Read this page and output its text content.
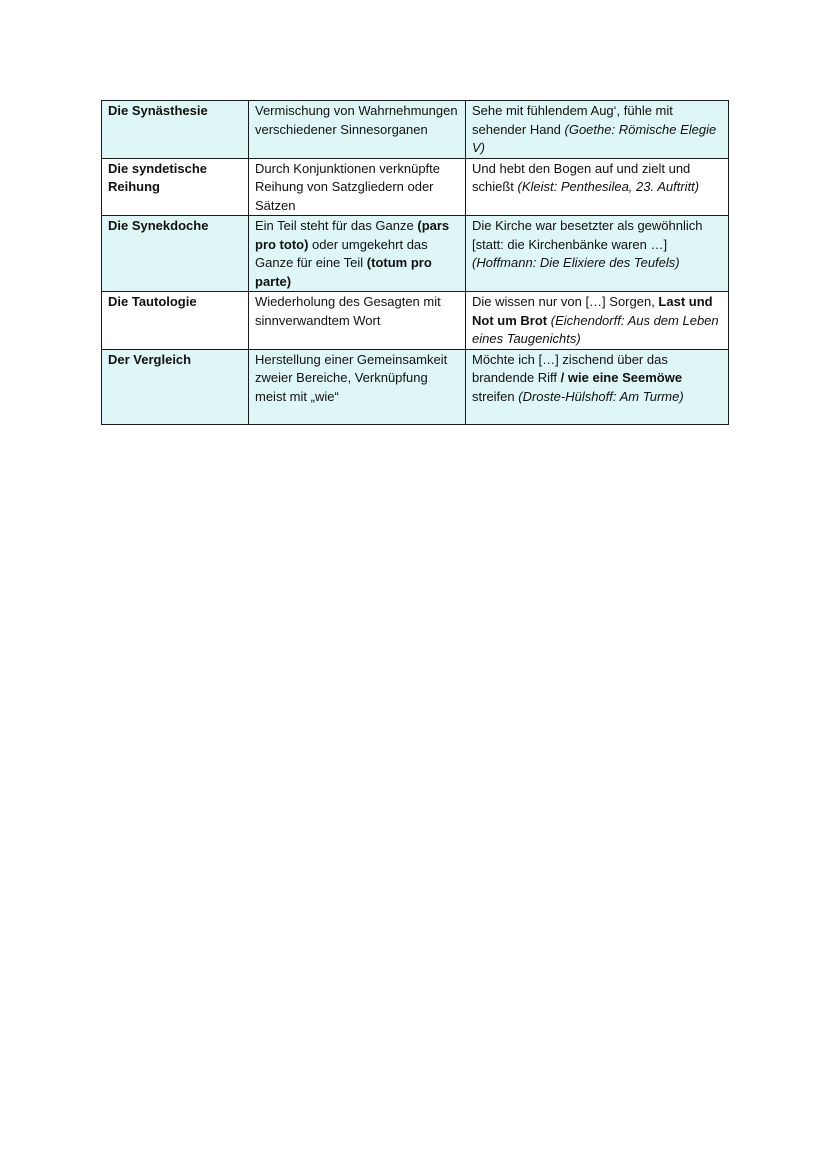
Die Synästhesie	Vermischung von Wahrnehmungen verschiedener Sinnesorganen	Sehe mit fühlendem Aug‘, fühle mit sehender Hand (Goethe: Römische Elegie V)
Die syndetische Reihung	Durch Konjunktionen verknüpfte Reihung von Satzgliedern oder Sätzen	Und hebt den Bogen auf und zielt und schießt (Kleist: Penthesilea, 23. Auftritt)
Die Synekdoche	Ein Teil steht für das Ganze (pars pro toto) oder umgekehrt das Ganze für eine Teil (totum pro parte)	Die Kirche war besetzter als gewöhnlich [statt: die Kirchenbänke waren …] (Hoffmann: Die Elixiere des Teufels)
Die Tautologie	Wiederholung des Gesagten mit sinnverwandtem Wort	Die wissen nur von […] Sorgen, Last und Not um Brot (Eichendorff: Aus dem Leben eines Taugenichts)
Der Vergleich	Herstellung einer Gemeinsamkeit zweier Bereiche, Verknüpfung meist mit „wie“	Möchte ich […] zischend über das brandende Riff / wie eine Seemöwe streifen (Droste-Hülshoff: Am Turme)
